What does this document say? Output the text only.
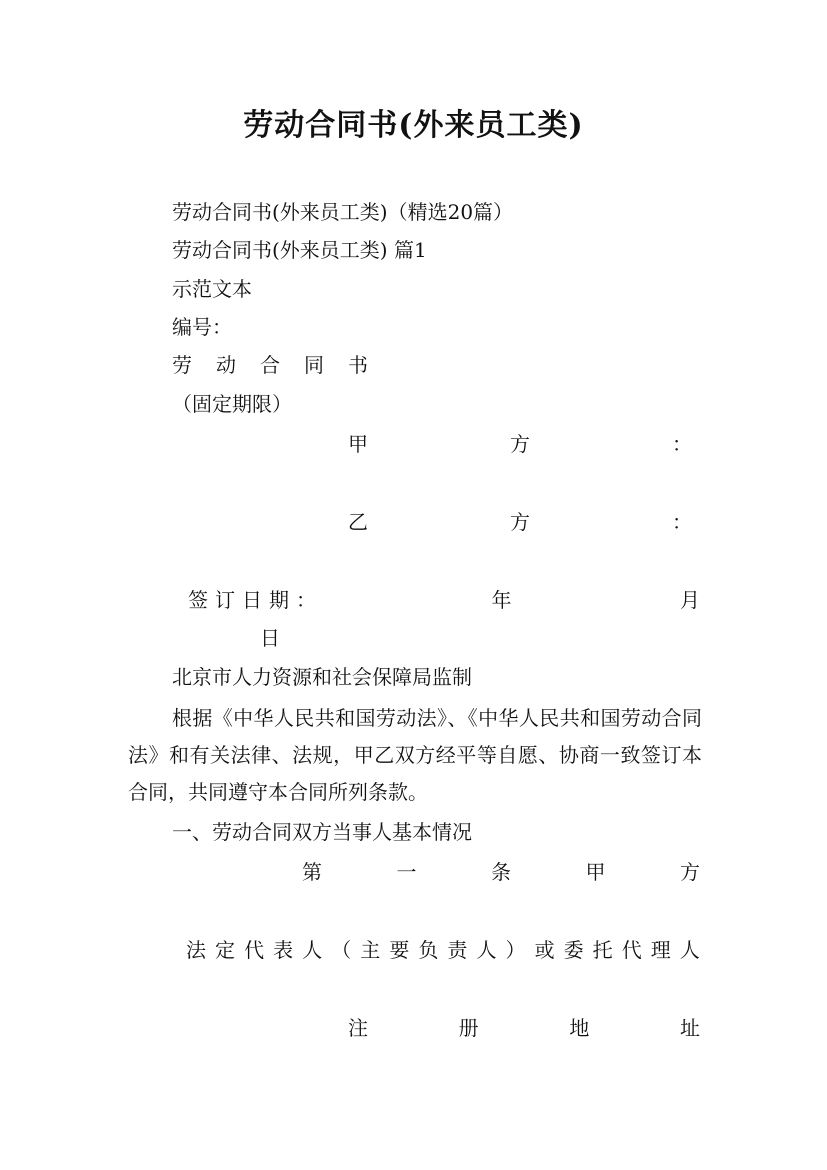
劳动合同书(外来员工类)
劳动合同书(外来员工类)（精选20篇）
劳动合同书(外来员工类) 篇1
示范文本
编号：
劳 动 合 同 书
（固定期限）
甲	方	：
乙	方	：
签订日期：	年	月
日
北京市人力资源和社会保障局监制
根据《中华人民共和国劳动法》、《中华人民共和国劳动合同法》和有关法律、法规，甲乙双方经平等自愿、协商一致签订本合同，共同遵守本合同所列条款。
一、劳动合同双方当事人基本情况
第	一	条	甲	方
法 定 代 表 人 （ 主 要 负 责 人 ） 或 委 托 代 理 人
注	册	地	址
